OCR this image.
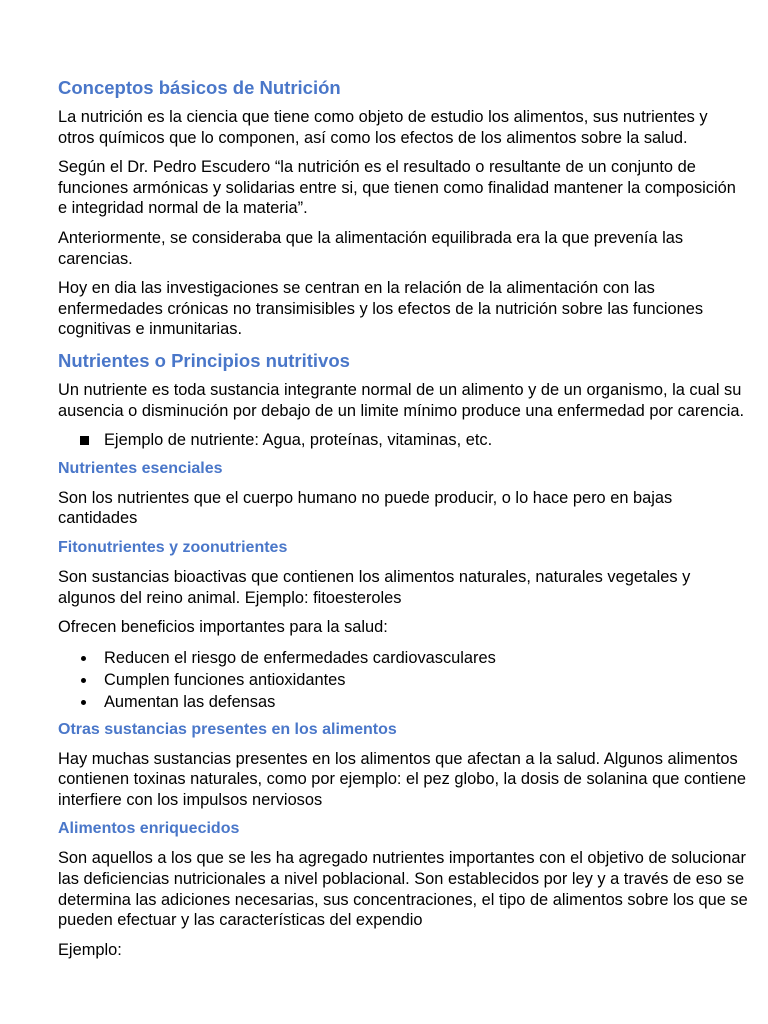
Conceptos básicos de Nutrición
La nutrición es la ciencia que tiene como objeto de estudio los alimentos, sus nutrientes y otros químicos que lo componen, así como los efectos de los alimentos sobre la salud.
Según el Dr. Pedro Escudero “la nutrición es el resultado o resultante de un conjunto de funciones armónicas y solidarias entre si, que tienen como finalidad mantener la composición e integridad normal de la materia”.
Anteriormente, se consideraba que la alimentación equilibrada era la que prevenía las carencias.
Hoy en dia las investigaciones se centran en la relación de la alimentación con las enfermedades crónicas no transimisibles y los efectos de la nutrición sobre las funciones cognitivas e inmunitarias.
Nutrientes o Principios nutritivos
Un nutriente es toda sustancia integrante normal de un alimento y de un organismo, la cual su ausencia o disminución por debajo de un limite mínimo produce una enfermedad por carencia.
Ejemplo de nutriente: Agua, proteínas, vitaminas, etc.
Nutrientes esenciales
Son los nutrientes que el cuerpo humano no puede producir, o lo hace pero en bajas cantidades
Fitonutrientes y zoonutrientes
Son sustancias bioactivas que contienen los alimentos naturales, naturales vegetales y algunos del reino animal. Ejemplo: fitoesteroles
Ofrecen beneficios importantes para la salud:
Reducen el riesgo de enfermedades cardiovasculares
Cumplen funciones antioxidantes
Aumentan las defensas
Otras sustancias presentes en los alimentos
Hay muchas sustancias presentes en los alimentos que afectan a la salud. Algunos alimentos contienen toxinas naturales, como por ejemplo: el pez globo, la dosis de solanina que contiene interfiere con los impulsos nerviosos
Alimentos enriquecidos
Son aquellos a los que se les ha agregado nutrientes importantes con el objetivo de solucionar las deficiencias nutricionales a nivel poblacional. Son establecidos por ley y a través de eso se determina las adiciones necesarias, sus concentraciones, el tipo de alimentos sobre los que se pueden efectuar y las características del expendio
Ejemplo:
